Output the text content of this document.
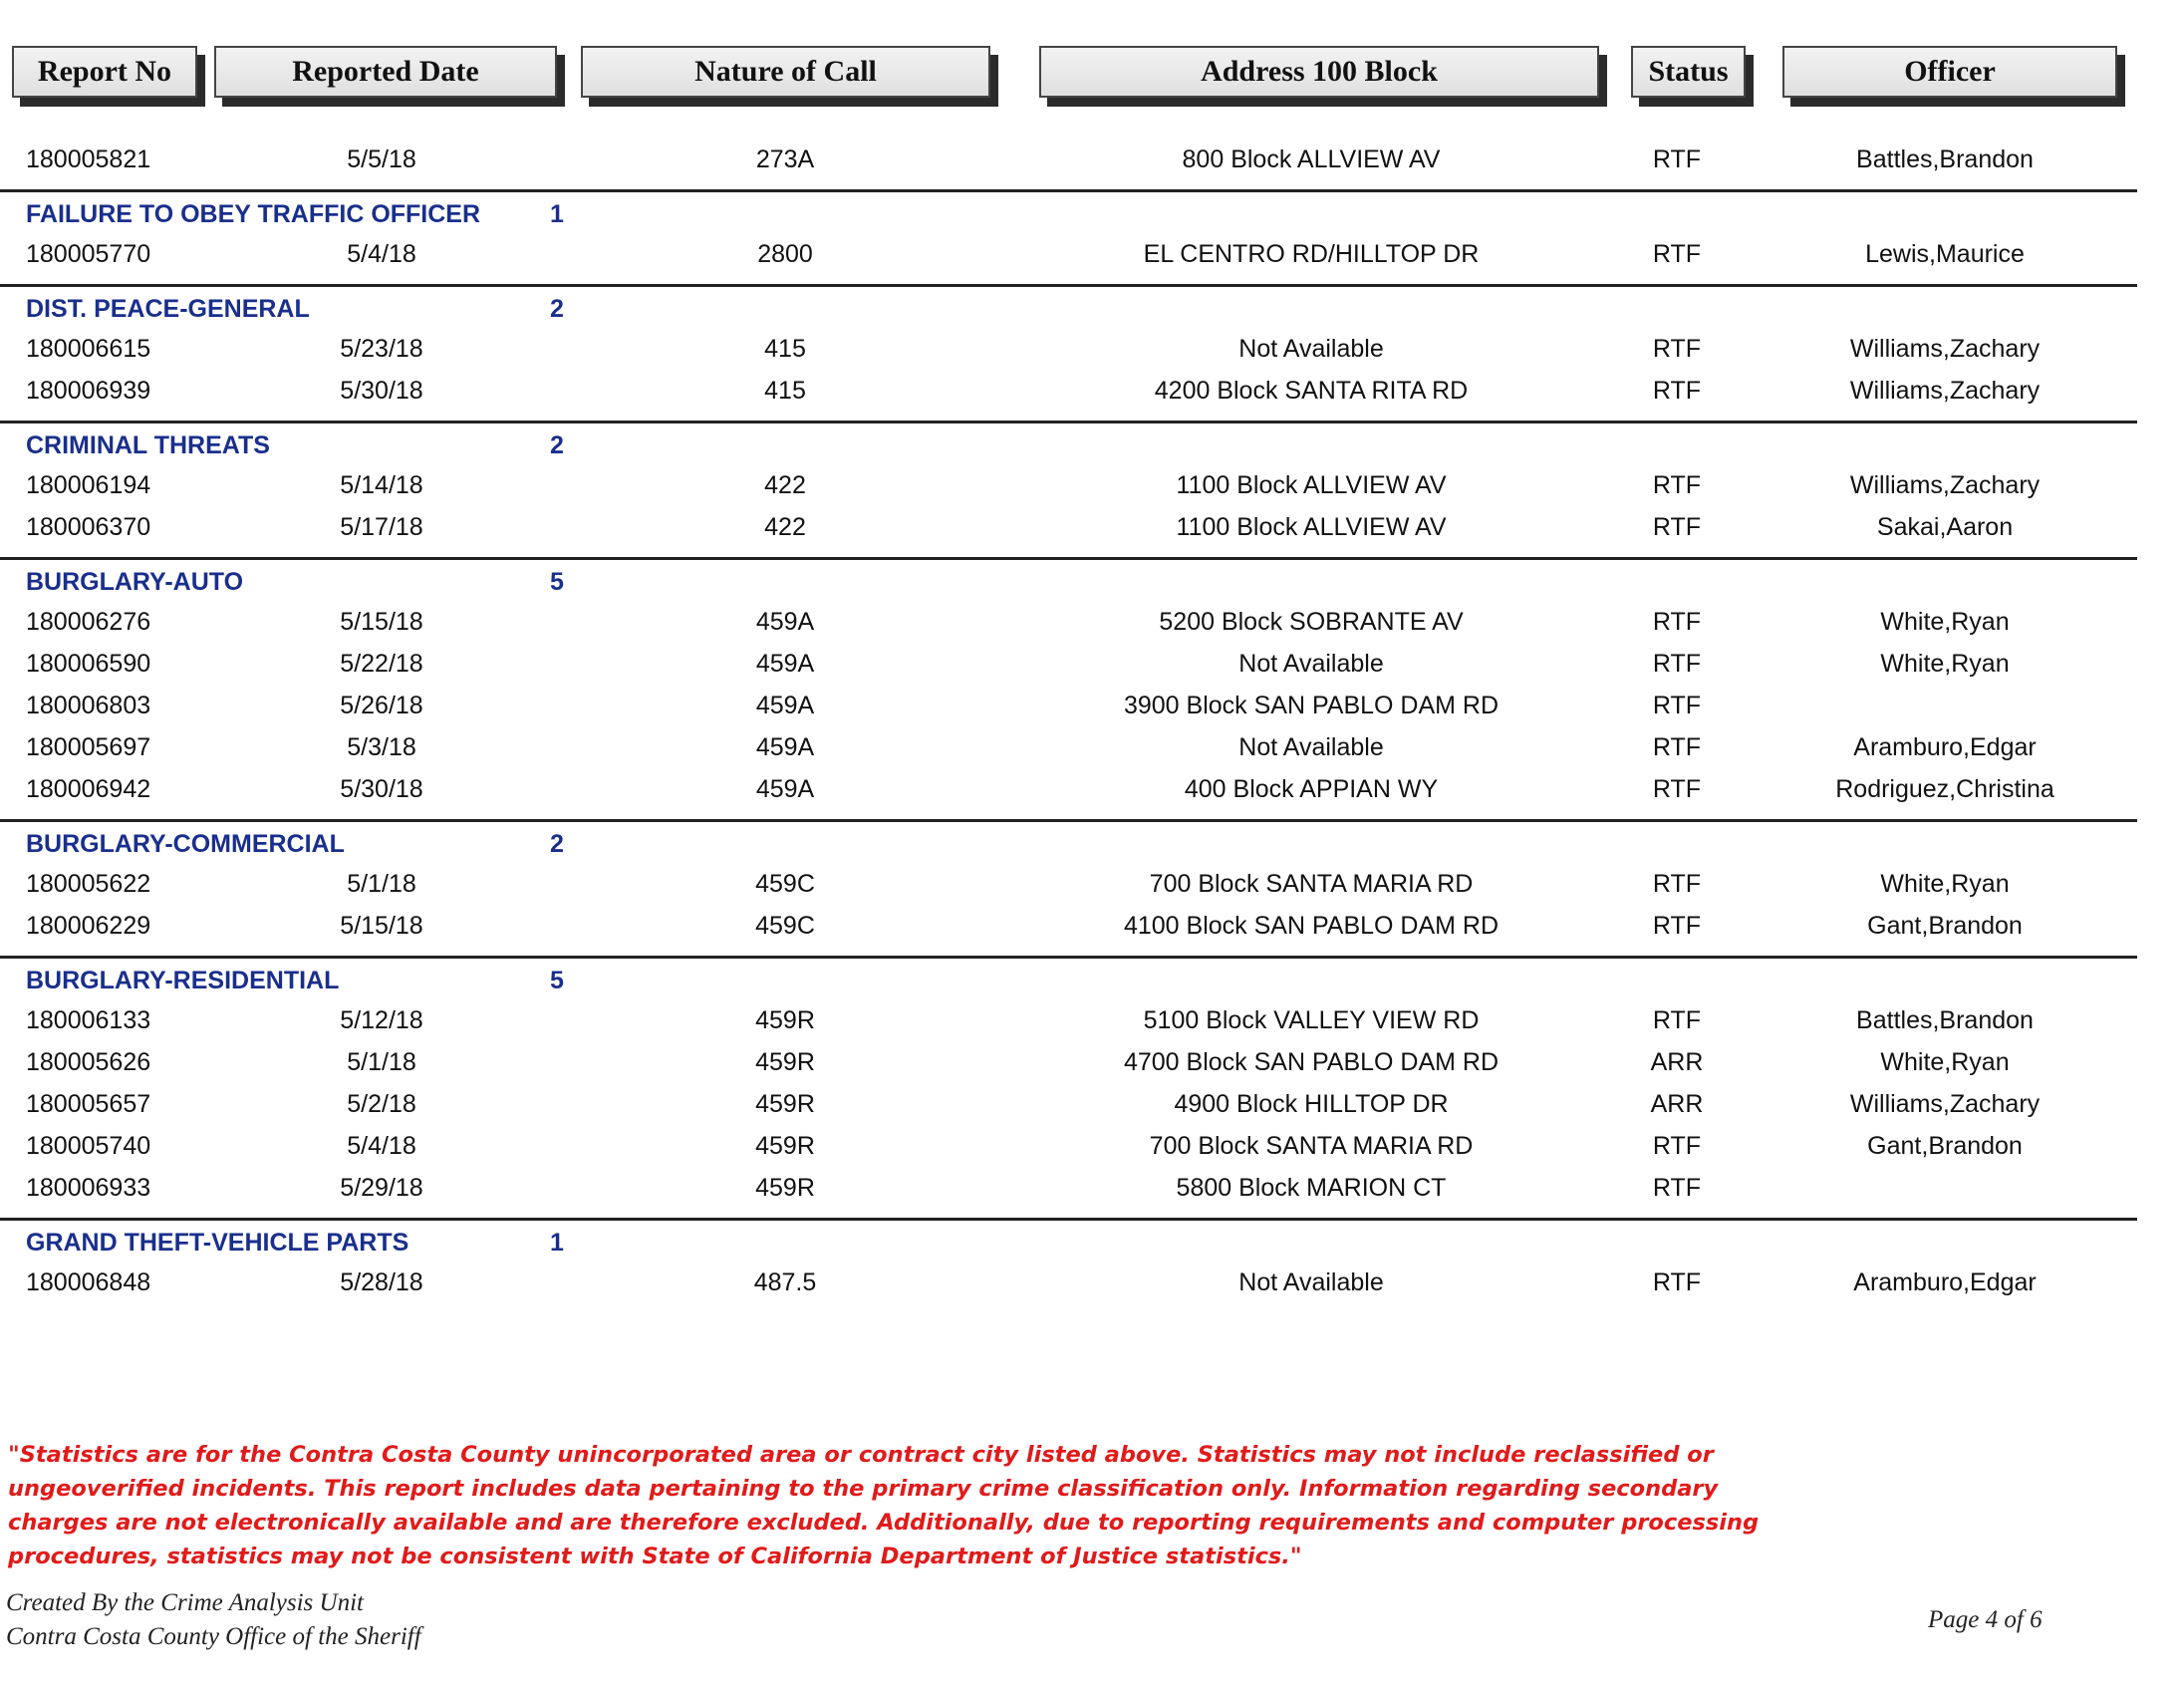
Report No	Reported Date	Nature of Call	Address 100 Block	Status	Officer
180005821	5/5/18	273A	800 Block ALLVIEW AV	RTF	Battles,Brandon
FAILURE TO OBEY TRAFFIC OFFICER	1
180005770	5/4/18	2800	EL CENTRO RD/HILLTOP DR	RTF	Lewis,Maurice
DIST. PEACE-GENERAL	2
180006615	5/23/18	415	Not Available	RTF	Williams,Zachary
180006939	5/30/18	415	4200 Block SANTA RITA RD	RTF	Williams,Zachary
CRIMINAL THREATS	2
180006194	5/14/18	422	1100 Block ALLVIEW AV	RTF	Williams,Zachary
180006370	5/17/18	422	1100 Block ALLVIEW AV	RTF	Sakai,Aaron
BURGLARY-AUTO	5
180006276	5/15/18	459A	5200 Block SOBRANTE AV	RTF	White,Ryan
180006590	5/22/18	459A	Not Available	RTF	White,Ryan
180006803	5/26/18	459A	3900 Block SAN PABLO DAM RD	RTF
180005697	5/3/18	459A	Not Available	RTF	Aramburo,Edgar
180006942	5/30/18	459A	400 Block APPIAN WY	RTF	Rodriguez,Christina
BURGLARY-COMMERCIAL	2
180005622	5/1/18	459C	700 Block SANTA MARIA RD	RTF	White,Ryan
180006229	5/15/18	459C	4100 Block SAN PABLO DAM RD	RTF	Gant,Brandon
BURGLARY-RESIDENTIAL	5
180006133	5/12/18	459R	5100 Block VALLEY VIEW RD	RTF	Battles,Brandon
180005626	5/1/18	459R	4700 Block SAN PABLO DAM RD	ARR	White,Ryan
180005657	5/2/18	459R	4900 Block HILLTOP DR	ARR	Williams,Zachary
180005740	5/4/18	459R	700 Block SANTA MARIA RD	RTF	Gant,Brandon
180006933	5/29/18	459R	5800 Block MARION CT	RTF
GRAND THEFT-VEHICLE PARTS	1
180006848	5/28/18	487.5	Not Available	RTF	Aramburo,Edgar
"Statistics are for the Contra Costa County unincorporated area or contract city listed above. Statistics may not include reclassified or ungeoverified incidents. This report includes data pertaining to the primary crime classification only. Information regarding secondary charges are not electronically available and are therefore excluded. Additionally, due to reporting requirements and computer processing procedures, statistics may not be consistent with State of California Department of Justice statistics."
Created By the Crime Analysis Unit
Contra Costa County Office of the Sheriff
Page 4 of 6
